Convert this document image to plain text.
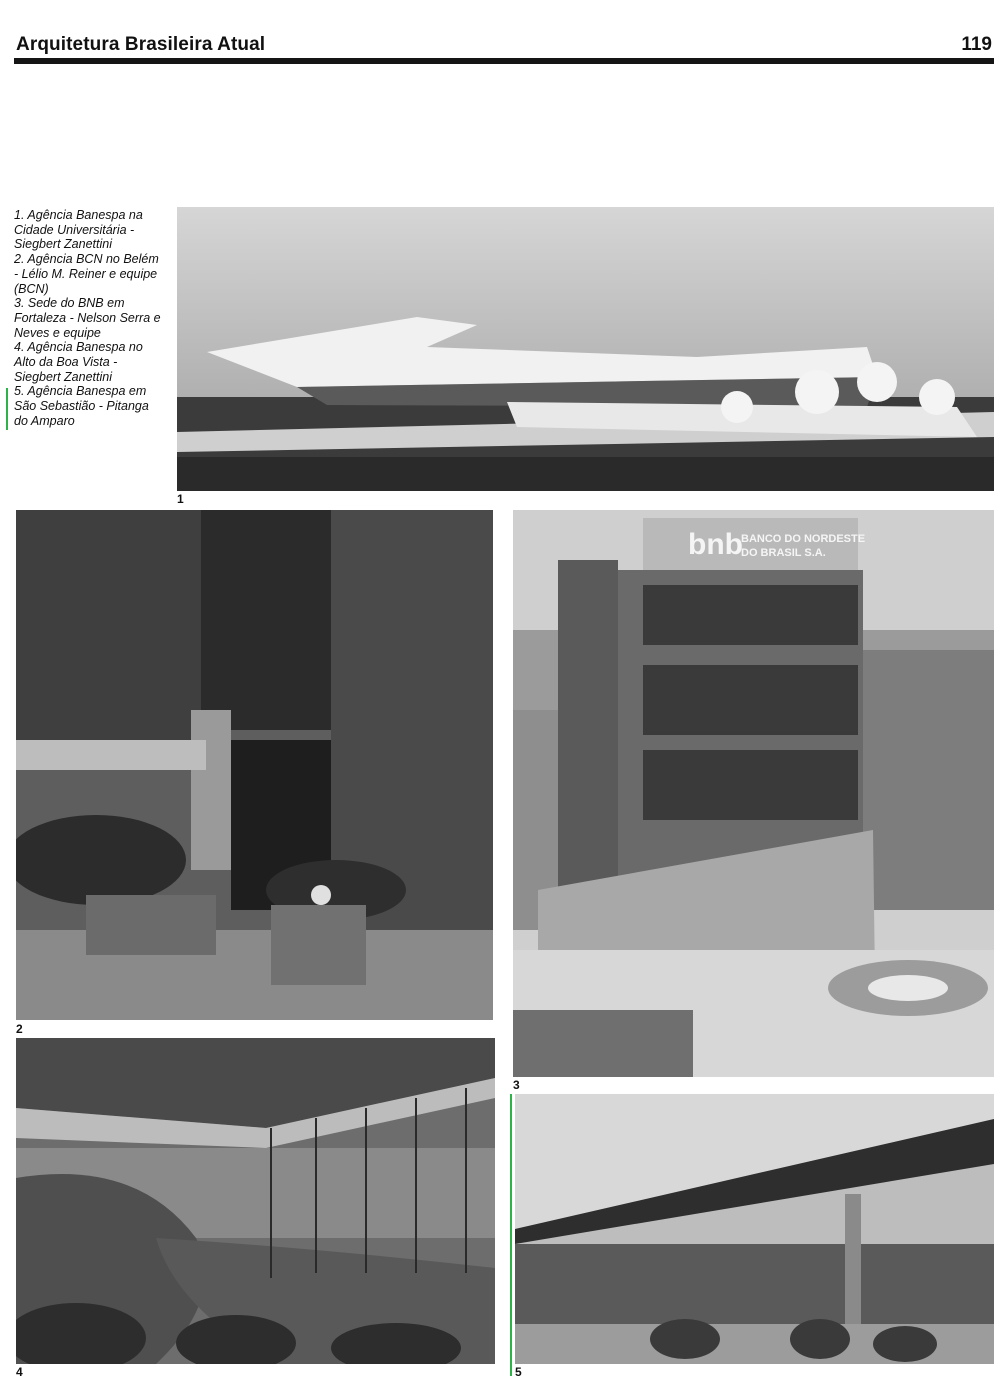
Arquitetura Brasileira Atual	119
1. Agência Banespa na Cidade Universitária - Siegbert Zanettini
2. Agência BCN no Belém - Lélio M. Reiner e equipe (BCN)
3. Sede do BNB em Fortaleza - Nelson Serra e Neves e equipe
4. Agência Banespa no Alto da Boa Vista - Siegbert Zanettini
5. Agência Banespa em São Sebastião - Pitanga do Amparo
1
2
bnb
BANCO DO NORDESTE
DO BRASIL S.A.
3
4	5
